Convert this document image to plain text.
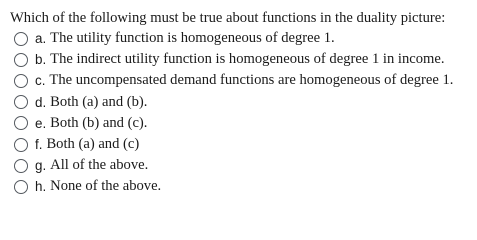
Which of the following must be true about functions in the duality picture:
a. The utility function is homogeneous of degree 1.
b. The indirect utility function is homogeneous of degree 1 in income.
c. The uncompensated demand functions are homogeneous of degree 1.
d. Both (a) and (b).
e. Both (b) and (c).
f. Both (a) and (c)
g. All of the above.
h. None of the above.
